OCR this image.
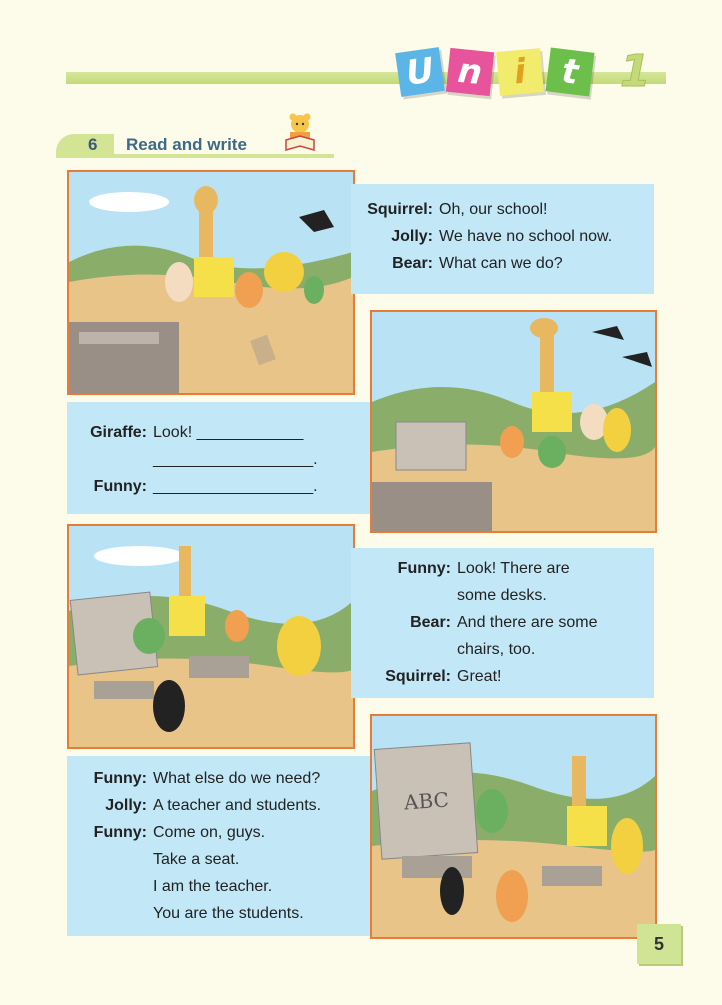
U n i t 1
6 Read and write
Squirrel: Oh, our school!
Jolly: We have no school now.
Bear: What can we do?
Giraffe: Look! ____________
__________________.
Funny: __________________.
Funny: Look! There are
some desks.
Bear: And there are some
chairs, too.
Squirrel: Great!
ABC
Funny: What else do we need?
Jolly: A teacher and students.
Funny: Come on, guys.
Take a seat.
I am the teacher.
You are the students.
5
